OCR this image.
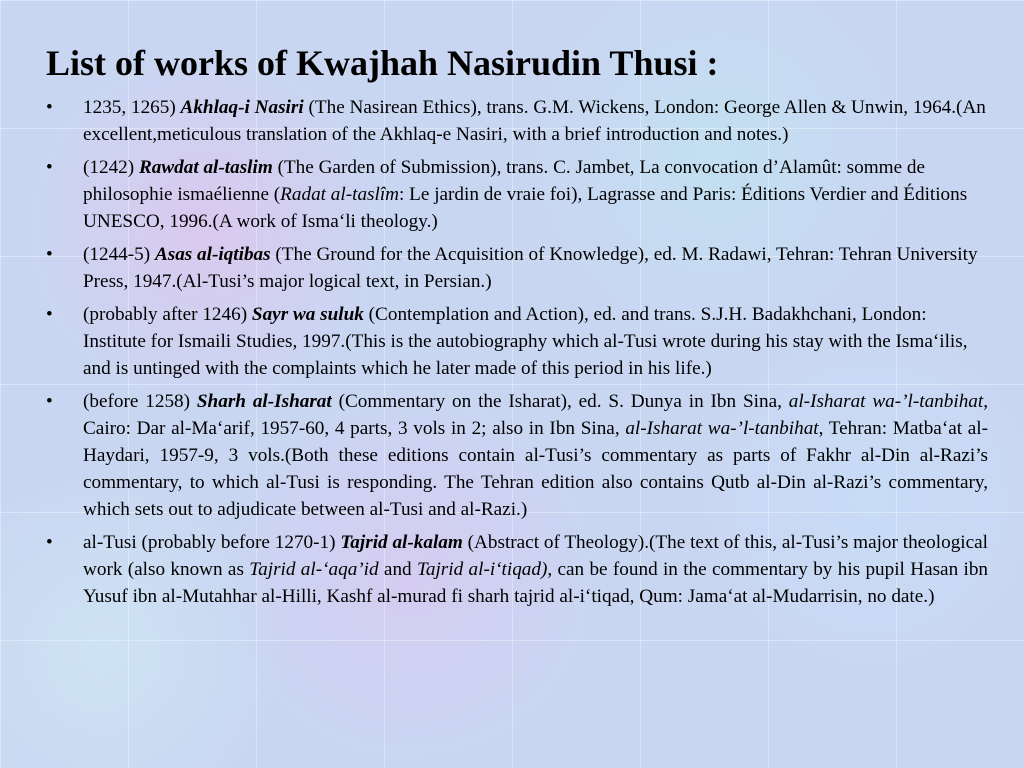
List of works of Kwajhah Nasirudin Thusi :
• 1235, 1265) Akhlaq-i Nasiri (The Nasirean Ethics), trans. G.M. Wickens, London: George Allen & Unwin, 1964.(An excellent,meticulous translation of the Akhlaq-e Nasiri, with a brief introduction and notes.)
• (1242) Rawdat al-taslim (The Garden of Submission), trans. C. Jambet, La convocation d’Alamût: somme de philosophie ismaélienne (Radat al-taslîm: Le jardin de vraie foi), Lagrasse and Paris: Éditions Verdier and Éditions UNESCO, 1996.(A work of Isma‘li theology.)
• (1244-5) Asas al-iqtibas (The Ground for the Acquisition of Knowledge), ed. M. Radawi, Tehran: Tehran University Press, 1947.(Al-Tusi’s major logical text, in Persian.)
• (probably after 1246) Sayr wa suluk (Contemplation and Action), ed. and trans. S.J.H. Badakhchani, London: Institute for Ismaili Studies, 1997.(This is the autobiography which al-Tusi wrote during his stay with the Isma‘ilis, and is untinged with the complaints which he later made of this period in his life.)
• (before 1258) Sharh al-Isharat (Commentary on the Isharat), ed. S. Dunya in Ibn Sina, al-Isharat wa-’l-tanbihat, Cairo: Dar al-Ma‘arif, 1957-60, 4 parts, 3 vols in 2; also in Ibn Sina, al-Isharat wa-’l-tanbihat, Tehran: Matba‘at al-Haydari, 1957-9, 3 vols.(Both these editions contain al-Tusi’s commentary as parts of Fakhr al-Din al-Razi’s commentary, to which al-Tusi is responding. The Tehran edition also contains Qutb al-Din al-Razi’s commentary, which sets out to adjudicate between al-Tusi and al-Razi.)
• al-Tusi (probably before 1270-1) Tajrid al-kalam (Abstract of Theology).(The text of this, al-Tusi’s major theological work (also known as Tajrid al-‘aqa’id and Tajrid al-i‘tiqad), can be found in the commentary by his pupil Hasan ibn Yusuf ibn al-Mutahhar al-Hilli, Kashf al-murad fi sharh tajrid al-i‘tiqad, Qum: Jama‘at al-Mudarrisin, no date.)
